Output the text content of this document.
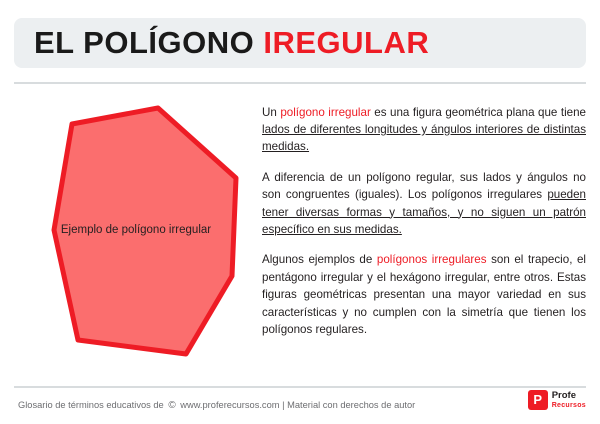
EL POLÍGONO IREGULAR
Ejemplo de polígono irregular

Un polígono irregular es una figura geométrica plana que tiene lados de diferentes longitudes y ángulos interiores de distintas medidas.

A diferencia de un polígono regular, sus lados y ángulos no son congruentes (iguales). Los polígonos irregulares pueden tener diversas formas y tamaños, y no siguen un patrón específico en sus medidas.

Algunos ejemplos de polígonos irregulares son el trapecio, el pentágono irregular y el hexágono irregular, entre otros. Estas figuras geométricas presentan una mayor variedad en sus características y no cumplen con la simetría que tienen los polígonos regulares.

Glosario de términos educativos de © www.proferecursos.com | Material con derechos de autor
P
Profe
Recursos
